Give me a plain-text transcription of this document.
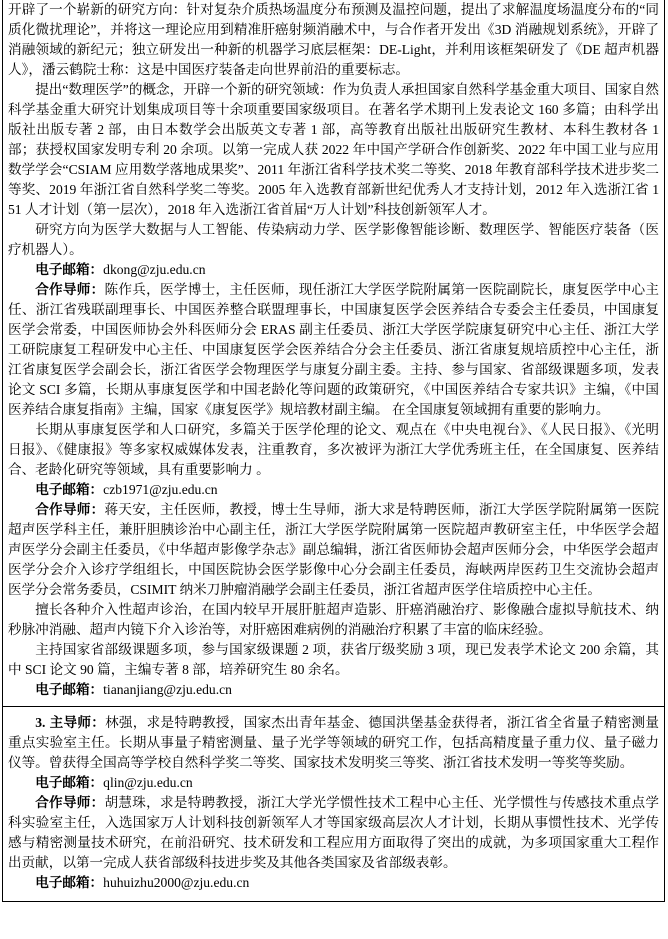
开辟了一个崭新的研究方向：针对复杂介质热场温度分布预测及温控问题，提出了求解温度场温度分布的“同质化微扰理论”，并将这一理论应用到精准肝癌射频消融术中，与合作者开发出《3D 消融规划系统》，开辟了消融领域的新纪元；独立研发出一种新的机器学习底层框架：DE-Light，并利用该框架研发了《DE 超声机器人》，潘云鹤院士称：这是中国医疗装备走向世界前沿的重要标志。

提出“数理医学”的概念，开辟一个新的研究领域：作为负责人承担国家自然科学基金重大项目、国家自然科学基金重大研究计划集成项目等十余项重要国家级项目。在著名学术期刊上发表论文 160 多篇；由科学出版社出版专著 2 部，由日本数学会出版英文专著 1 部，高等教育出版社出版研究生教材、本科生教材各 1 部；获授权国家发明专利 20 余项。以第一完成人获 2022 年中国产学研合作创新奖、2022 年中国工业与应用数学学会“CSIAM 应用数学落地成果奖”、2011 年浙江省科学技术奖二等奖、2018 年教育部科学技术进步奖二等奖、2019 年浙江省自然科学奖二等奖。2005 年入选教育部新世纪优秀人才支持计划，2012 年入选浙江省 151 人才计划（第一层次），2018 年入选浙江省首届“万人计划”科技创新领军人才。

研究方向为医学大数据与人工智能、传染病动力学、医学影像智能诊断、数理医学、智能医疗装备（医疗机器人）。

电子邮箱：dkong@zju.edu.cn

合作导师：陈作兵，医学博士，主任医师，现任浙江大学医学院附属第一医院副院长，康复医学中心主任、浙江省残联副理事长、中国医养整合联盟理事长，中国康复医学会医养结合专委会主任委员，中国康复医学会常委，中国医师协会外科医师分会 ERAS 副主任委员、浙江大学医学院康复研究中心主任、浙江大学工研院康复工程研发中心主任、中国康复医学会医养结合分会主任委员、浙江省康复规培质控中心主任，浙江省康复医学会副会长，浙江省医学会物理医学与康复分副主委。主持、参与国家、省部级课题多项，发表论文 SCI 多篇，长期从事康复医学和中国老龄化等问题的政策研究，《中国医养结合专家共识》主编，《中国医养结合康复指南》主编，国家《康复医学》规培教材副主编。 在全国康复领域拥有重要的影响力。

长期从事康复医学和人口研究，多篇关于医学伦理的论文、观点在《中央电视台》、《人民日报》、《光明日报》、《健康报》等多家权威媒体发表，注重教育，多次被评为浙江大学优秀班主任，在全国康复、医养结合、老龄化研究等领域，具有重要影响力 。

电子邮箱：czb1971@zju.edu.cn

合作导师：蒋天安，主任医师，教授，博士生导师，浙大求是特聘医师，浙江大学医学院附属第一医院超声医学科主任，兼肝胆胰诊治中心副主任，浙江大学医学院附属第一医院超声教研室主任，中华医学会超声医学分会副主任委员，《中华超声影像学杂志》副总编辑，浙江省医师协会超声医师分会，中华医学会超声医学分会介入诊疗学组组长，中国医院协会医学影像中心分会副主任委员，海峡两岸医药卫生交流协会超声医学分会常务委员，CSIMIT 纳米刀肿瘤消融学会副主任委员，浙江省超声医学住培质控中心主任。

擅长各种介入性超声诊治，在国内较早开展肝脏超声造影、肝癌消融治疗、影像融合虚拟导航技术、纳秒脉冲消融、超声内镜下介入诊治等，对肝癌困难病例的消融治疗积累了丰富的临床经验。

主持国家省部级课题多项，参与国家级课题 2 项，获省厅级奖励 3 项，现已发表学术论文 200 余篇，其中 SCI 论文 90 篇，主编专著 8 部，培养研究生 80 余名。

电子邮箱：tiananjiang@zju.edu.cn

3. 主导师：林强，求是特聘教授，国家杰出青年基金、德国洪堡基金获得者，浙江省全省量子精密测量重点实验室主任。长期从事量子精密测量、量子光学等领域的研究工作，包括高精度量子重力仪、量子磁力仪等。曾获得全国高等学校自然科学奖二等奖、国家技术发明奖三等奖、浙江省技术发明一等奖等奖励。

电子邮箱：qlin@zju.edu.cn

合作导师：胡慧珠，求是特聘教授，浙江大学光学惯性技术工程中心主任、光学惯性与传感技术重点学科实验室主任，入选国家万人计划科技创新领军人才等国家级高层次人才计划，长期从事惯性技术、光学传感与精密测量技术研究，在前沿研究、技术研发和工程应用方面取得了突出的成就，为多项国家重大工程作出贡献，以第一完成人获省部级科技进步奖及其他各类国家及省部级表彰。

电子邮箱：huhuizhu2000@zju.edu.cn
